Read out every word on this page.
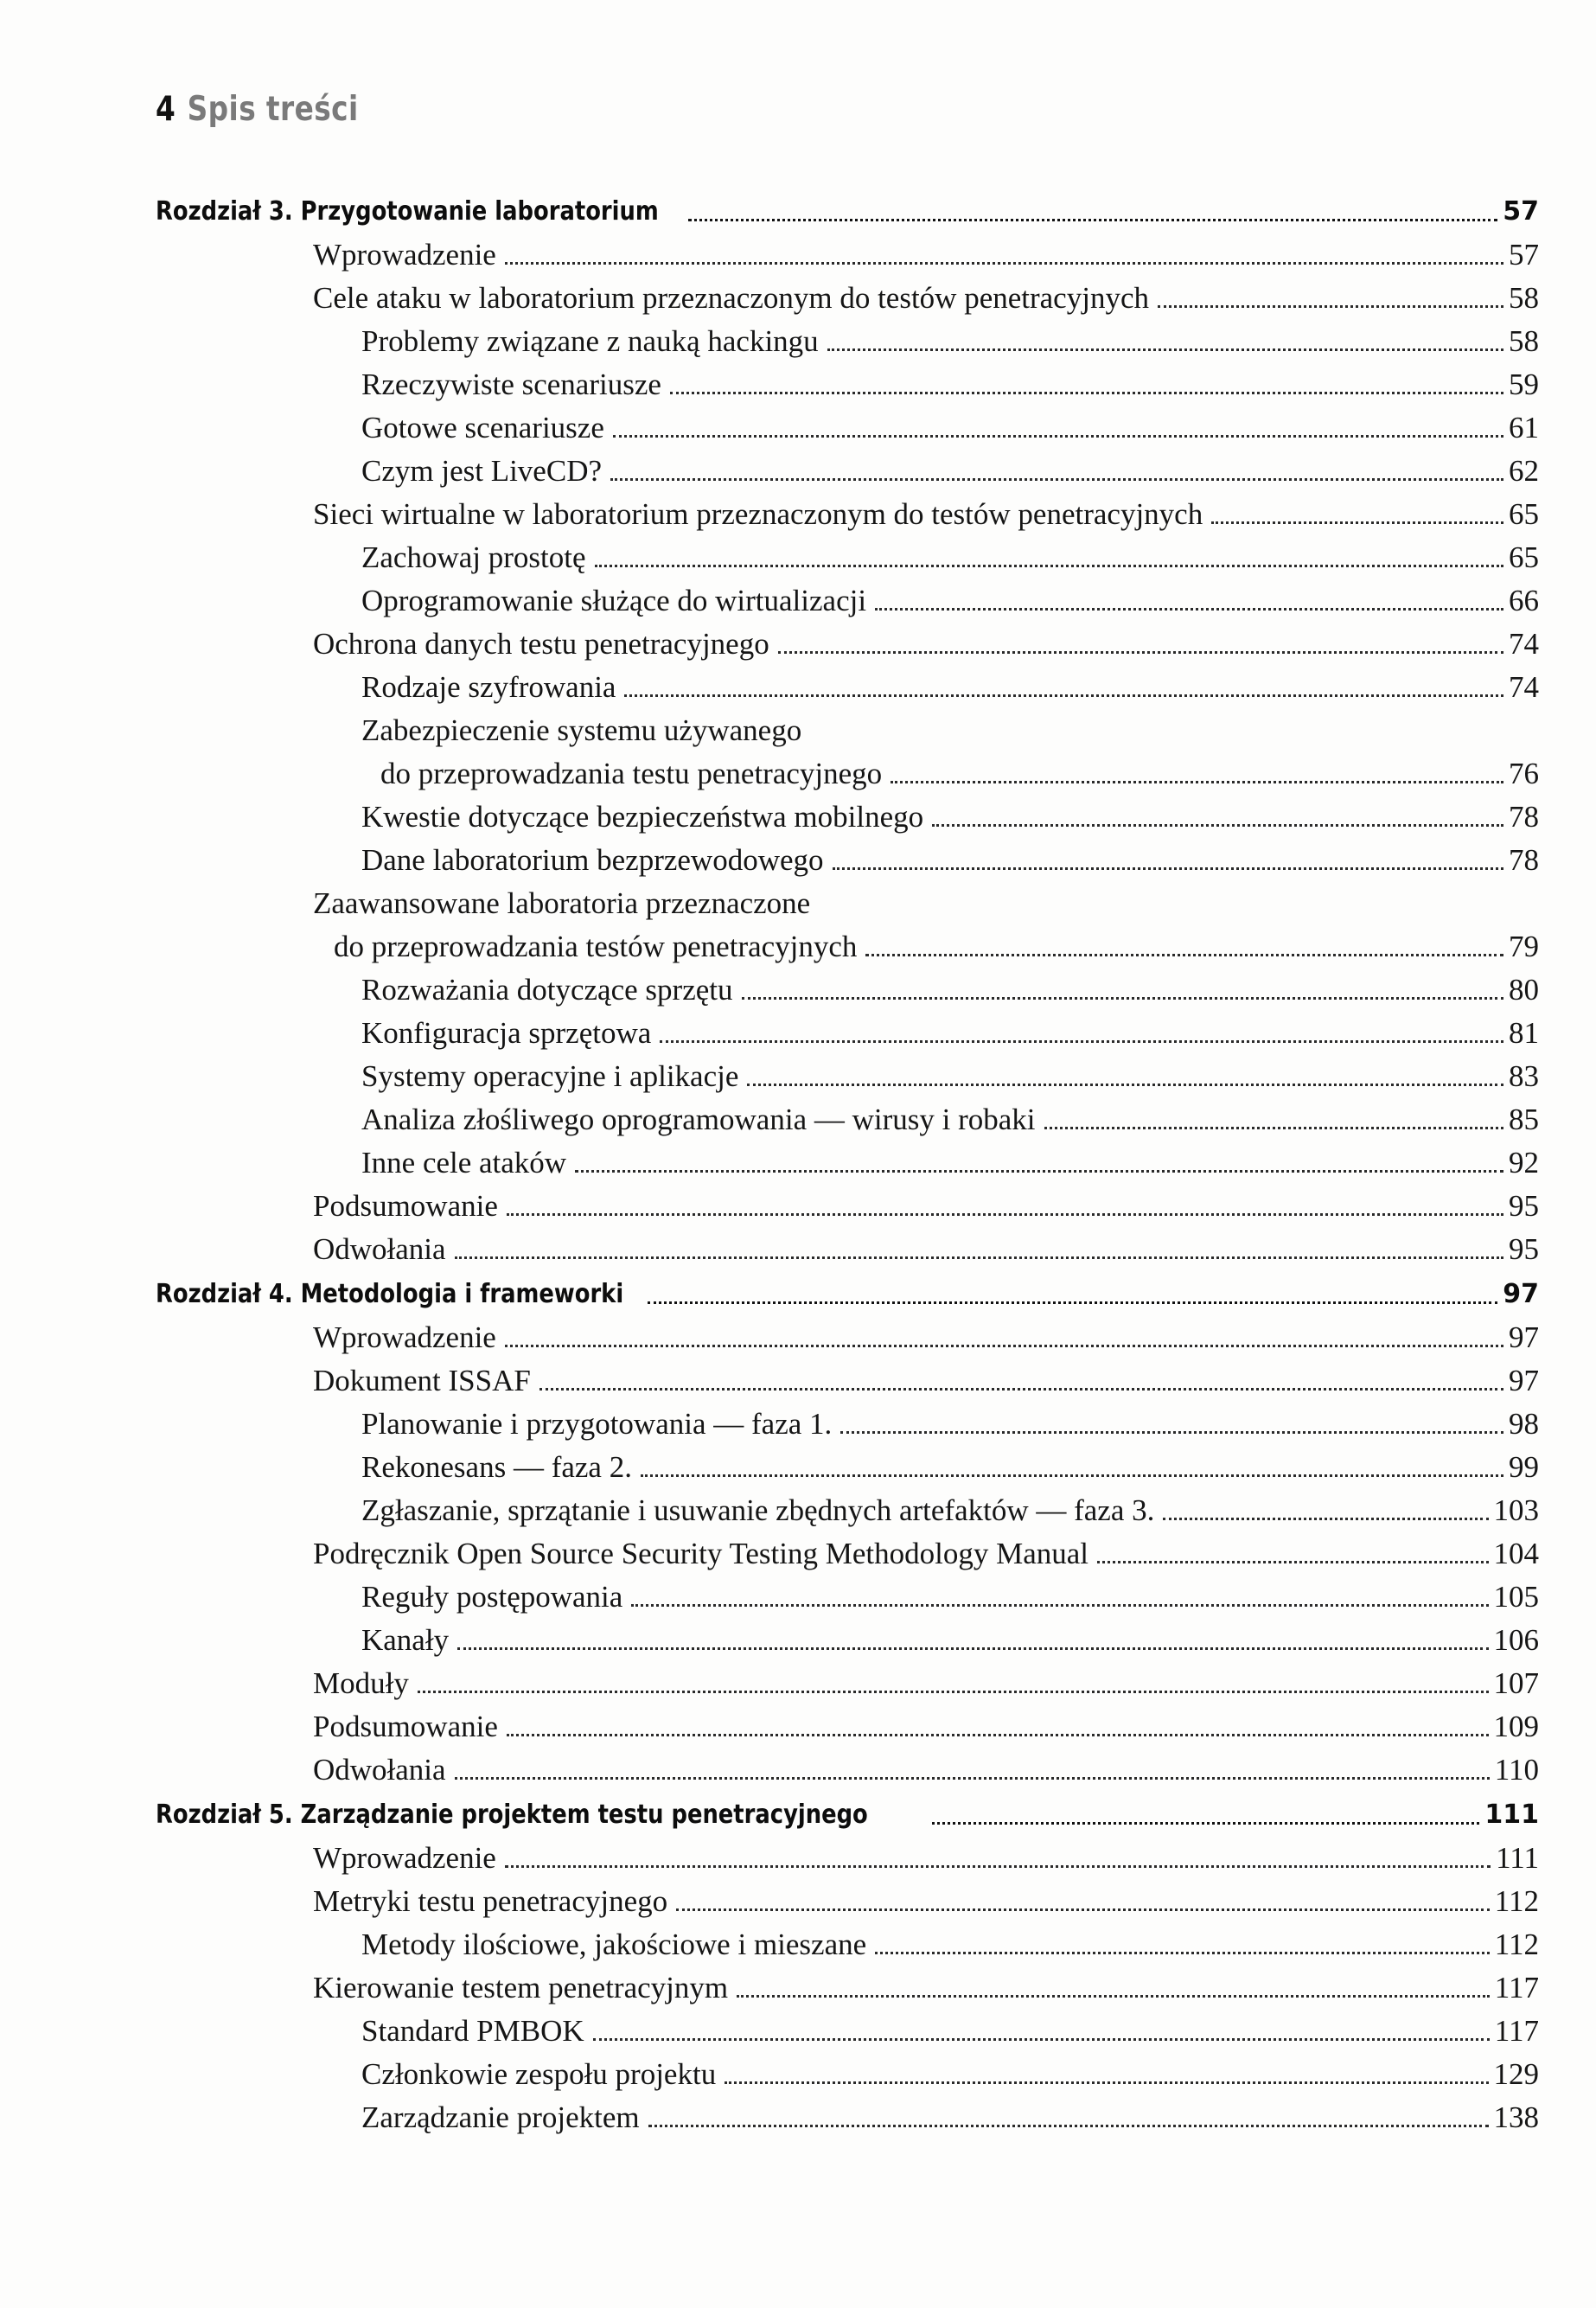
4 Spis treści
Rozdział 3. Przygotowanie laboratorium	57
Wprowadzenie	57
Cele ataku w laboratorium przeznaczonym do testów penetracyjnych	58
Problemy związane z nauką hackingu	58
Rzeczywiste scenariusze	59
Gotowe scenariusze	61
Czym jest LiveCD?	62
Sieci wirtualne w laboratorium przeznaczonym do testów penetracyjnych	65
Zachowaj prostotę	65
Oprogramowanie służące do wirtualizacji	66
Ochrona danych testu penetracyjnego	74
Rodzaje szyfrowania	74
Zabezpieczenie systemu używanego
do przeprowadzania testu penetracyjnego	76
Kwestie dotyczące bezpieczeństwa mobilnego	78
Dane laboratorium bezprzewodowego	78
Zaawansowane laboratoria przeznaczone
do przeprowadzania testów penetracyjnych	79
Rozważania dotyczące sprzętu	80
Konfiguracja sprzętowa	81
Systemy operacyjne i aplikacje	83
Analiza złośliwego oprogramowania — wirusy i robaki	85
Inne cele ataków	92
Podsumowanie	95
Odwołania	95
Rozdział 4. Metodologia i frameworki	97
Wprowadzenie	97
Dokument ISSAF	97
Planowanie i przygotowania — faza 1.	98
Rekonesans — faza 2.	99
Zgłaszanie, sprzątanie i usuwanie zbędnych artefaktów — faza 3.	103
Podręcznik Open Source Security Testing Methodology Manual	104
Reguły postępowania	105
Kanały	106
Moduły	107
Podsumowanie	109
Odwołania	110
Rozdział 5. Zarządzanie projektem testu penetracyjnego	111
Wprowadzenie	111
Metryki testu penetracyjnego	112
Metody ilościowe, jakościowe i mieszane	112
Kierowanie testem penetracyjnym	117
Standard PMBOK	117
Członkowie zespołu projektu	129
Zarządzanie projektem	138
